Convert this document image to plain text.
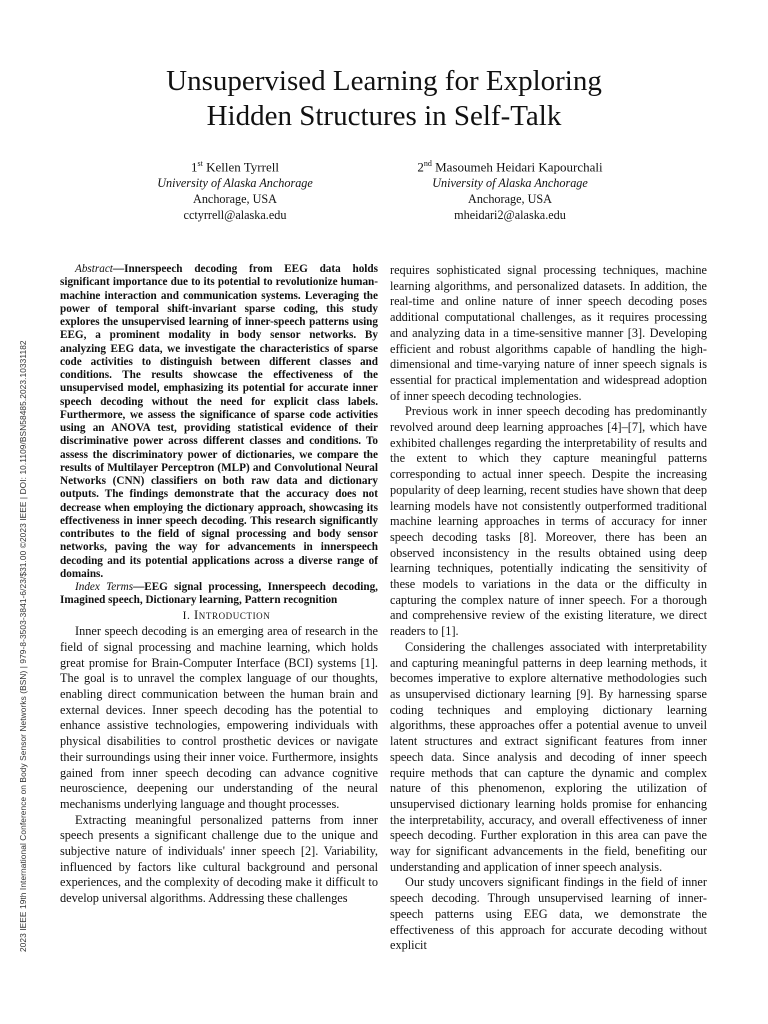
2023 IEEE 19th International Conference on Body Sensor Networks (BSN) | 979-8-3503-3841-6/23/$31.00 ©2023 IEEE | DOI: 10.1109/BSN58485.2023.10331182
Unsupervised Learning for Exploring
Hidden Structures in Self-Talk
1st Kellen Tyrrell
University of Alaska Anchorage
Anchorage, USA
cctyrrell@alaska.edu
2nd Masoumeh Heidari Kapourchali
University of Alaska Anchorage
Anchorage, USA
mheidari2@alaska.edu

Abstract—Innerspeech decoding from EEG data holds significant importance due to its potential to revolutionize human-machine interaction and communication systems. Leveraging the power of temporal shift-invariant sparse coding, this study explores the unsupervised learning of inner-speech patterns using EEG, a prominent modality in body sensor networks. By analyzing EEG data, we investigate the characteristics of sparse code activities to distinguish between different classes and conditions. The results showcase the effectiveness of the unsupervised model, emphasizing its potential for accurate inner speech decoding without the need for explicit class labels. Furthermore, we assess the significance of sparse code activities using an ANOVA test, providing statistical evidence of their discriminative power across different classes and conditions. To assess the discriminatory power of dictionaries, we compare the results of Multilayer Perceptron (MLP) and Convolutional Neural Networks (CNN) classifiers on both raw data and dictionary outputs. The findings demonstrate that the accuracy does not decrease when employing the dictionary approach, showcasing its effectiveness in inner speech decoding. This research significantly contributes to the field of signal processing and body sensor networks, paving the way for advancements in innerspeech decoding and its potential applications across a diverse range of domains.

Index Terms—EEG signal processing, Innerspeech decoding, Imagined speech, Dictionary learning, Pattern recognition

I. Introduction

Inner speech decoding is an emerging area of research in the field of signal processing and machine learning, which holds great promise for Brain-Computer Interface (BCI) systems [1]. The goal is to unravel the complex language of our thoughts, enabling direct communication between the human brain and external devices. Inner speech decoding has the potential to enhance assistive technologies, empowering individuals with physical disabilities to control prosthetic devices or navigate their surroundings using their inner voice. Furthermore, insights gained from inner speech decoding can advance cognitive neuroscience, deepening our understanding of the neural mechanisms underlying language and thought processes.

Extracting meaningful personalized patterns from inner speech presents a significant challenge due to the unique and subjective nature of individuals' inner speech [2]. Variability, influenced by factors like cultural background and personal experiences, and the complexity of decoding make it difficult to develop universal algorithms. Addressing these challenges

requires sophisticated signal processing techniques, machine learning algorithms, and personalized datasets. In addition, the real-time and online nature of inner speech decoding poses additional computational challenges, as it requires processing and analyzing data in a time-sensitive manner [3]. Developing efficient and robust algorithms capable of handling the high-dimensional and time-varying nature of inner speech signals is essential for practical implementation and widespread adoption of inner speech decoding technologies.

Previous work in inner speech decoding has predominantly revolved around deep learning approaches [4]–[7], which have exhibited challenges regarding the interpretability of results and the extent to which they capture meaningful patterns corresponding to actual inner speech. Despite the increasing popularity of deep learning, recent studies have shown that deep learning models have not consistently outperformed traditional machine learning approaches in terms of accuracy for inner speech decoding tasks [8]. Moreover, there has been an observed inconsistency in the results obtained using deep learning techniques, potentially indicating the sensitivity of these models to variations in the data or the difficulty in capturing the complex nature of inner speech. For a thorough and comprehensive review of the existing literature, we direct readers to [1].

Considering the challenges associated with interpretability and capturing meaningful patterns in deep learning methods, it becomes imperative to explore alternative methodologies such as unsupervised dictionary learning [9]. By harnessing sparse coding techniques and employing dictionary learning algorithms, these approaches offer a potential avenue to unveil latent structures and extract significant features from inner speech data. Since analysis and decoding of inner speech require methods that can capture the dynamic and complex nature of this phenomenon, exploring the utilization of unsupervised dictionary learning holds promise for enhancing the interpretability, accuracy, and overall effectiveness of inner speech decoding. Further exploration in this area can pave the way for significant advancements in the field, benefiting our understanding and application of inner speech analysis.

Our study uncovers significant findings in the field of inner speech decoding. Through unsupervised learning of inner-speech patterns using EEG data, we demonstrate the effectiveness of this approach for accurate decoding without explicit
